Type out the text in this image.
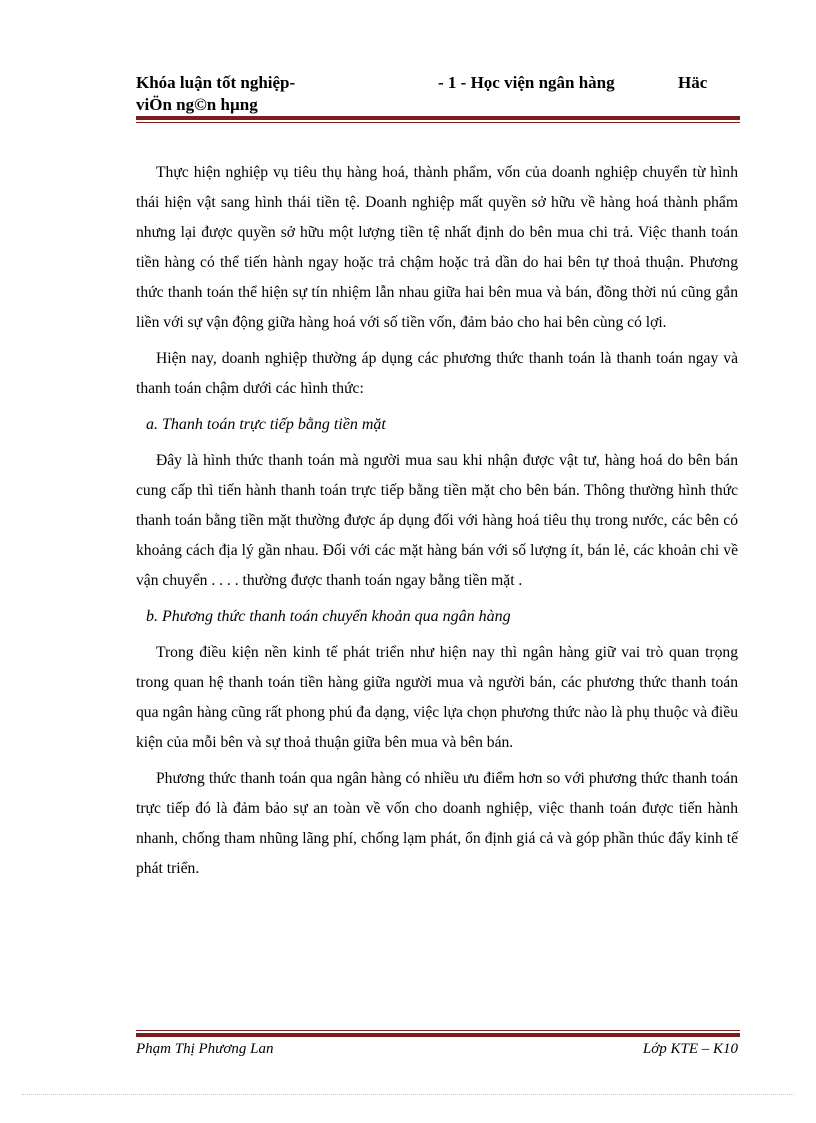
Khóa luận tốt nghiệp-
viÖn ng©n hµng
- 1 - Học viện ngân hàng	Häc

Thực hiện nghiệp vụ tiêu thụ hàng hoá, thành phẩm, vốn của doanh nghiệp chuyển từ hình thái hiện vật sang hình thái tiền tệ. Doanh nghiệp mất quyền sở hữu về hàng hoá thành phẩm nhưng lại được quyền sở hữu một lượng tiền tệ nhất định do bên mua chi trả. Việc thanh toán tiền hàng có thể tiến hành ngay hoặc trả chậm hoặc trả dần do hai bên tự thoả thuận. Phương thức thanh toán thể hiện sự tín nhiệm lẫn nhau giữa hai bên mua và bán, đồng thời nú cũng gắn liền với sự vận động giữa hàng hoá với số tiền vốn, đảm bảo cho hai bên cùng có lợi.

Hiện nay, doanh nghiệp thường áp dụng các phương thức thanh toán là thanh toán ngay và thanh toán chậm dưới các hình thức:

a. Thanh toán trực tiếp bằng tiền mặt

Đây là hình thức thanh toán mà người mua sau khi nhận được vật tư, hàng hoá do bên bán cung cấp thì tiến hành thanh toán trực tiếp bằng tiền mặt cho bên bán. Thông thường hình thức thanh toán bằng tiền mặt thường được áp dụng đối với hàng hoá tiêu thụ trong nước, các bên có khoảng cách địa lý gần nhau. Đối với các mặt hàng bán với số lượng ít, bán lẻ, các khoản chi về vận chuyển . . . . thường được thanh toán ngay bằng tiền mặt .

b. Phương thức thanh toán chuyển khoản qua ngân hàng

Trong điều kiện nền kinh tế phát triển như hiện nay thì ngân hàng giữ vai trò quan trọng trong quan hệ thanh toán tiền hàng giữa người mua và người bán, các phương thức thanh toán qua ngân hàng cũng rất phong phú đa dạng, việc lựa chọn phương thức nào là phụ thuộc và điều kiện của mỗi bên và sự thoả thuận giữa bên mua và bên bán.

Phương thức thanh toán qua ngân hàng có nhiều ưu điểm hơn so với phương thức thanh toán trực tiếp đó là đảm bảo sự an toàn về vốn cho doanh nghiệp, việc thanh toán được tiến hành nhanh, chống tham nhũng lãng phí, chống lạm phát, ổn định giá cả và góp phần thúc đẩy kinh tế phát triển.

Phạm Thị Phương Lan	Lớp KTE – K10
